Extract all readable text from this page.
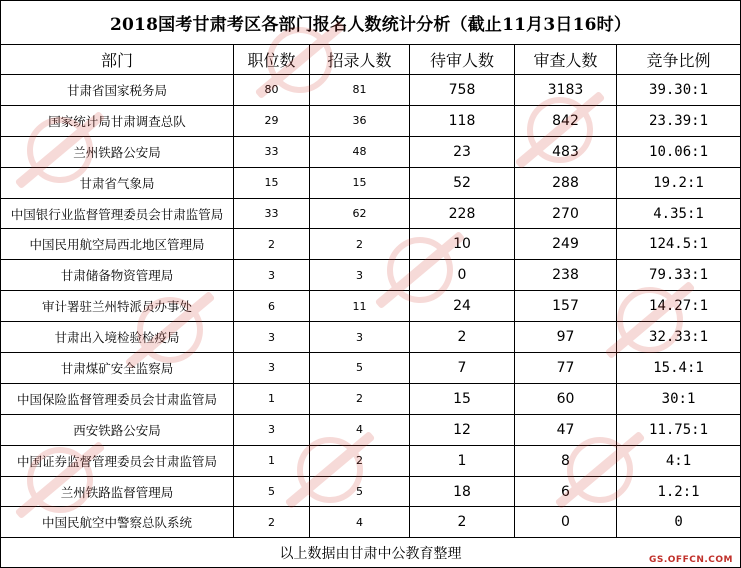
2018国考甘肃考区各部门报名人数统计分析（截止11月3日16时）					
部门	职位数	招录人数	待审人数	审查人数	竞争比例
甘肃省国家税务局	80	81	758	3183	39.30:1
国家统计局甘肃调查总队	29	36	118	842	23.39:1
兰州铁路公安局	33	48	23	483	10.06:1
甘肃省气象局	15	15	52	288	19.2:1
中国银行业监督管理委员会甘肃监管局	33	62	228	270	4.35:1
中国民用航空局西北地区管理局	2	2	10	249	124.5:1
甘肃储备物资管理局	3	3	0	238	79.33:1
审计署驻兰州特派员办事处	6	11	24	157	14.27:1
甘肃出入境检验检疫局	3	3	2	97	32.33:1
甘肃煤矿安全监察局	3	5	7	77	15.4:1
中国保险监督管理委员会甘肃监管局	1	2	15	60	30:1
西安铁路公安局	3	4	12	47	11.75:1
中国证券监督管理委员会甘肃监管局	1	2	1	8	4:1
兰州铁路监督管理局	5	5	18	6	1.2:1
中国民航空中警察总队系统	2	4	2	0	0
以上数据由甘肃中公教育整理						GS.OFFCN.COM
